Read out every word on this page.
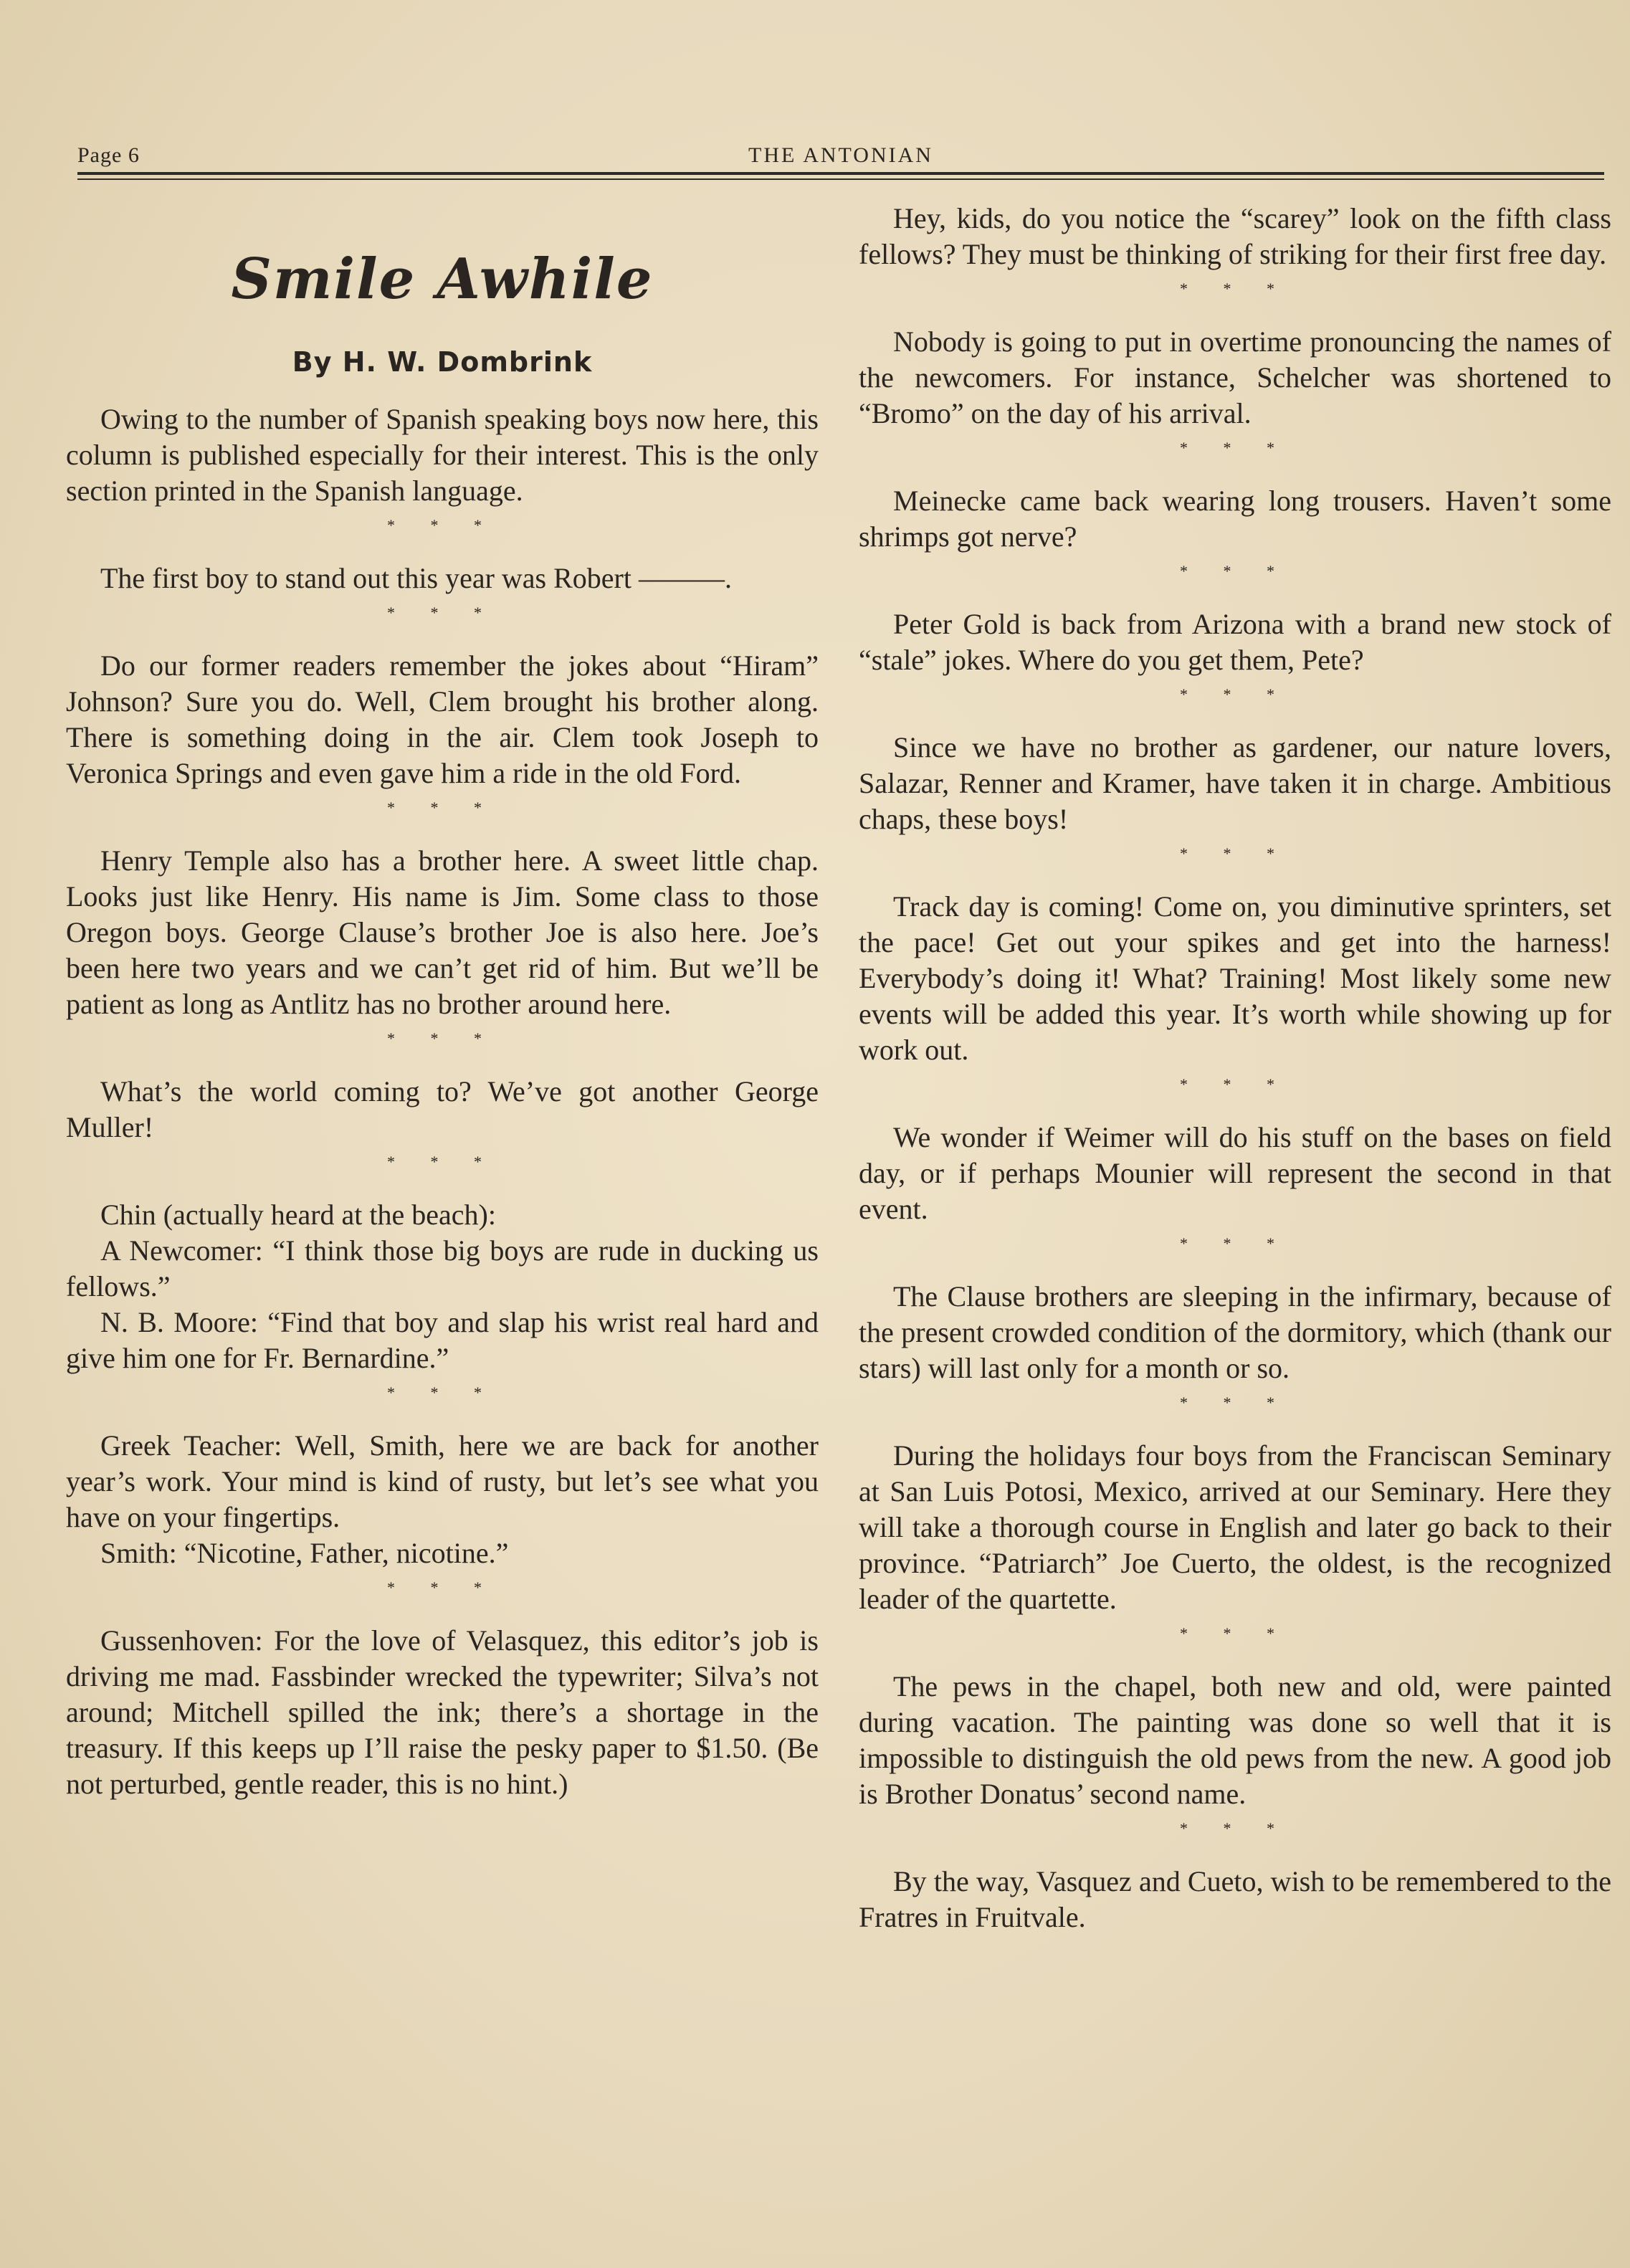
Page 6	THE ANTONIAN
Smile Awhile
By H. W. Dombrink

Owing to the number of Spanish speaking boys now here, this column is published especially for their interest. This is the only section printed in the Spanish language.

* * *

The first boy to stand out this year was Robert ———.

* * *

Do our former readers remember the jokes about “Hiram” Johnson? Sure you do. Well, Clem brought his brother along. There is something doing in the air. Clem took Joseph to Veronica Springs and even gave him a ride in the old Ford.

* * *

Henry Temple also has a brother here. A sweet little chap. Looks just like Henry. His name is Jim. Some class to those Oregon boys. George Clause’s brother Joe is also here. Joe’s been here two years and we can’t get rid of him. But we’ll be patient as long as Antlitz has no brother around here.

* * *

What’s the world coming to? We’ve got another George Muller!

* * *

Chin (actually heard at the beach):

A Newcomer: “I think those big boys are rude in ducking us fellows.”

N. B. Moore: “Find that boy and slap his wrist real hard and give him one for Fr. Bernardine.”

* * *

Greek Teacher: Well, Smith, here we are back for another year’s work. Your mind is kind of rusty, but let’s see what you have on your fingertips.

Smith: “Nicotine, Father, nicotine.”

* * *

Gussenhoven: For the love of Velasquez, this editor’s job is driving me mad. Fassbinder wrecked the typewriter; Silva’s not around; Mitchell spilled the ink; there’s a shortage in the treasury. If this keeps up I’ll raise the pesky paper to $1.50. (Be not perturbed, gentle reader, this is no hint.)

Hey, kids, do you notice the “scarey” look on the fifth class fellows? They must be thinking of striking for their first free day.

* * *

Nobody is going to put in overtime pronouncing the names of the newcomers. For instance, Schelcher was shortened to “Bromo” on the day of his arrival.

* * *

Meinecke came back wearing long trousers. Haven’t some shrimps got nerve?

* * *

Peter Gold is back from Arizona with a brand new stock of “stale” jokes. Where do you get them, Pete?

* * *

Since we have no brother as gardener, our nature lovers, Salazar, Renner and Kramer, have taken it in charge. Ambitious chaps, these boys!

* * *

Track day is coming! Come on, you diminutive sprinters, set the pace! Get out your spikes and get into the harness! Everybody’s doing it! What? Training! Most likely some new events will be added this year. It’s worth while showing up for work out.

* * *

We wonder if Weimer will do his stuff on the bases on field day, or if perhaps Mounier will represent the second in that event.

* * *

The Clause brothers are sleeping in the infirmary, because of the present crowded condition of the dormitory, which (thank our stars) will last only for a month or so.

* * *

During the holidays four boys from the Franciscan Seminary at San Luis Potosi, Mexico, arrived at our Seminary. Here they will take a thorough course in English and later go back to their province. “Patriarch” Joe Cuerto, the oldest, is the recognized leader of the quartette.

* * *

The pews in the chapel, both new and old, were painted during vacation. The painting was done so well that it is impossible to distinguish the old pews from the new. A good job is Brother Donatus’ second name.

* * *

By the way, Vasquez and Cueto, wish to be remembered to the Fratres in Fruitvale.
